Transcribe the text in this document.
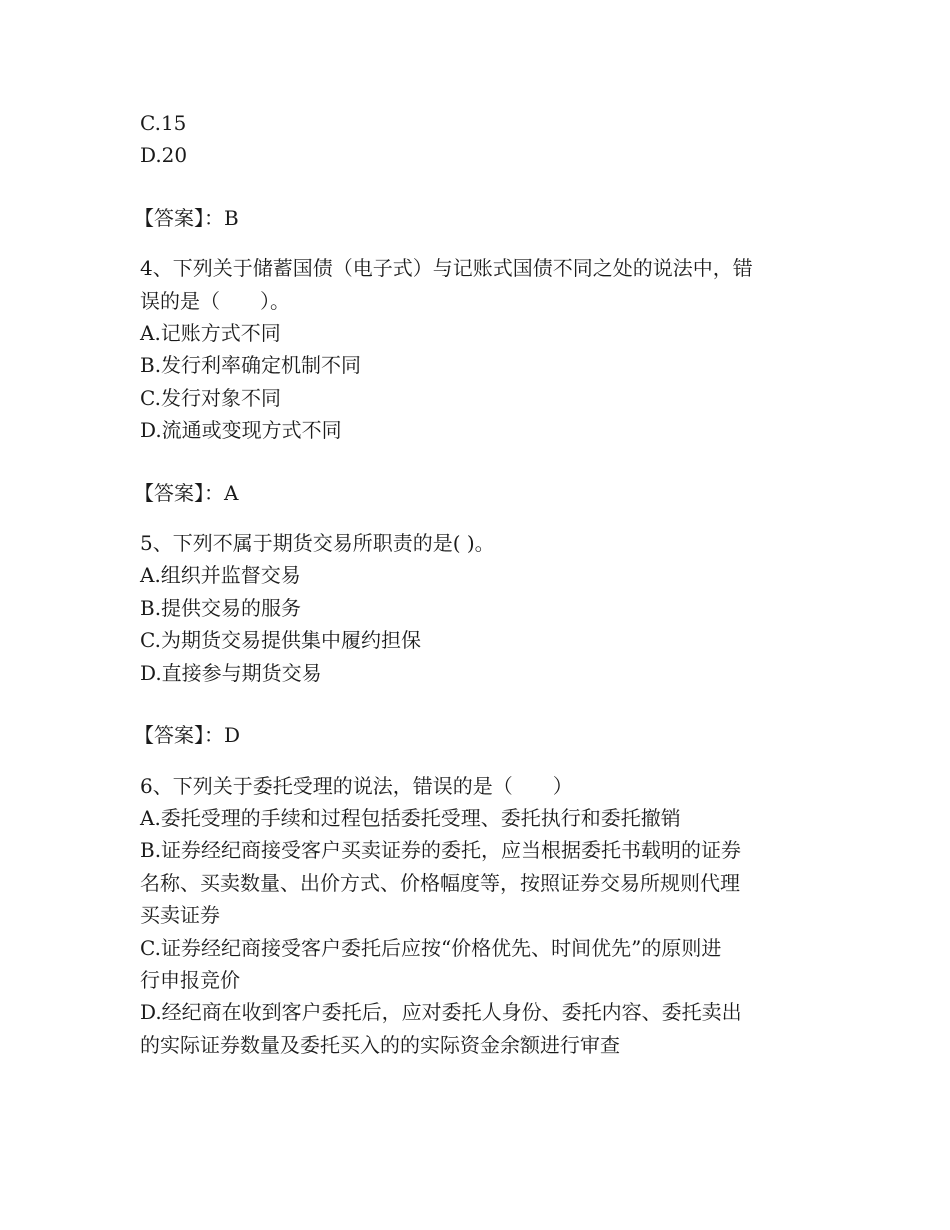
C.15

D.20

【答案】：B

4、下列关于储蓄国债（电子式）与记账式国债不同之处的说法中，错

误的是（　　）。

A.记账方式不同

B.发行利率确定机制不同

C.发行对象不同

D.流通或变现方式不同

【答案】：A

5、下列不属于期货交易所职责的是( )。

A.组织并监督交易

B.提供交易的服务

C.为期货交易提供集中履约担保

D.直接参与期货交易

【答案】：D

6、下列关于委托受理的说法，错误的是（　　）

A.委托受理的手续和过程包括委托受理、委托执行和委托撤销

B.证券经纪商接受客户买卖证券的委托，应当根据委托书载明的证券

名称、买卖数量、出价方式、价格幅度等，按照证券交易所规则代理

买卖证券

C.证券经纪商接受客户委托后应按“价格优先、时间优先”的原则进

行申报竞价

D.经纪商在收到客户委托后，应对委托人身份、委托内容、委托卖出

的实际证券数量及委托买入的的实际资金余额进行审查
